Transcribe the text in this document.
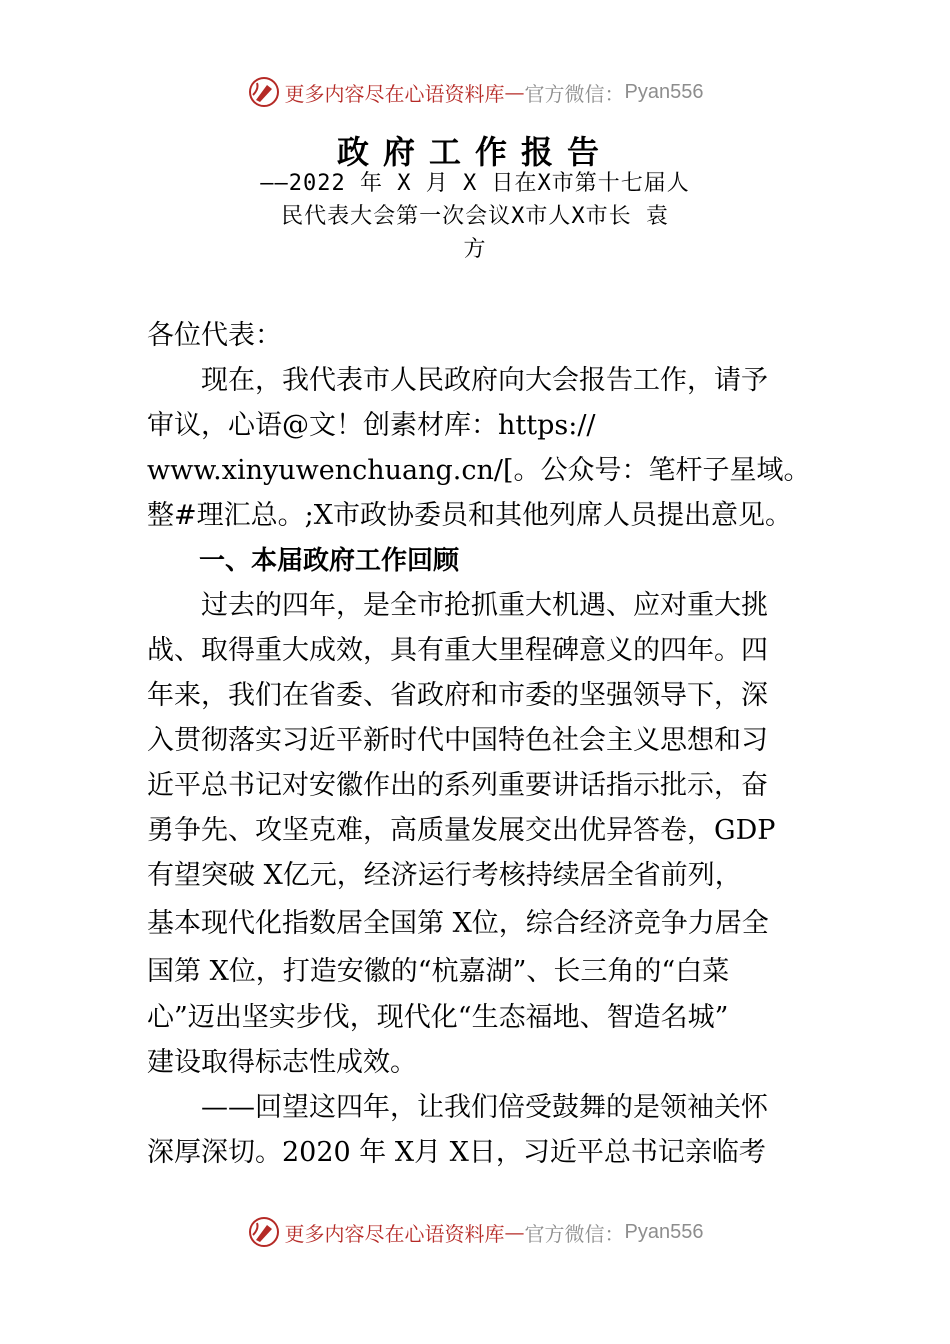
更多内容尽在心语资料库 — 官方微信： Pyan556
政府工作报告
——2022 年 X 月 X 日在X市第十七届人
民代表大会第一次会议X市人X市长 袁
方
各位代表：
　　现在，我代表市人民政府向大会报告工作，请予
审议，心语@文！创素材库：https://
www.xinyuwenchuang.cn/[。公众号：笔杆子星域。
整#理汇总。;X市政协委员和其他列席人员提出意见。
　　一、本届政府工作回顾
　　过去的四年，是全市抢抓重大机遇、应对重大挑
战、取得重大成效，具有重大里程碑意义的四年。四
年来，我们在省委、省政府和市委的坚强领导下，深
入贯彻落实习近平新时代中国特色社会主义思想和习
近平总书记对安徽作出的系列重要讲话指示批示，奋
勇争先、攻坚克难，高质量发展交出优异答卷，GDP
有望突破 X亿元，经济运行考核持续居全省前列，
基本现代化指数居全国第 X位，综合经济竞争力居全
国第 X位，打造安徽的“杭嘉湖”、长三角的“白菜
心”迈出坚实步伐，现代化“生态福地、智造名城”
建设取得标志性成效。
　　——回望这四年，让我们倍受鼓舞的是领袖关怀
深厚深切。2020 年 X月 X日，习近平总书记亲临考
更多内容尽在心语资料库 — 官方微信： Pyan556
